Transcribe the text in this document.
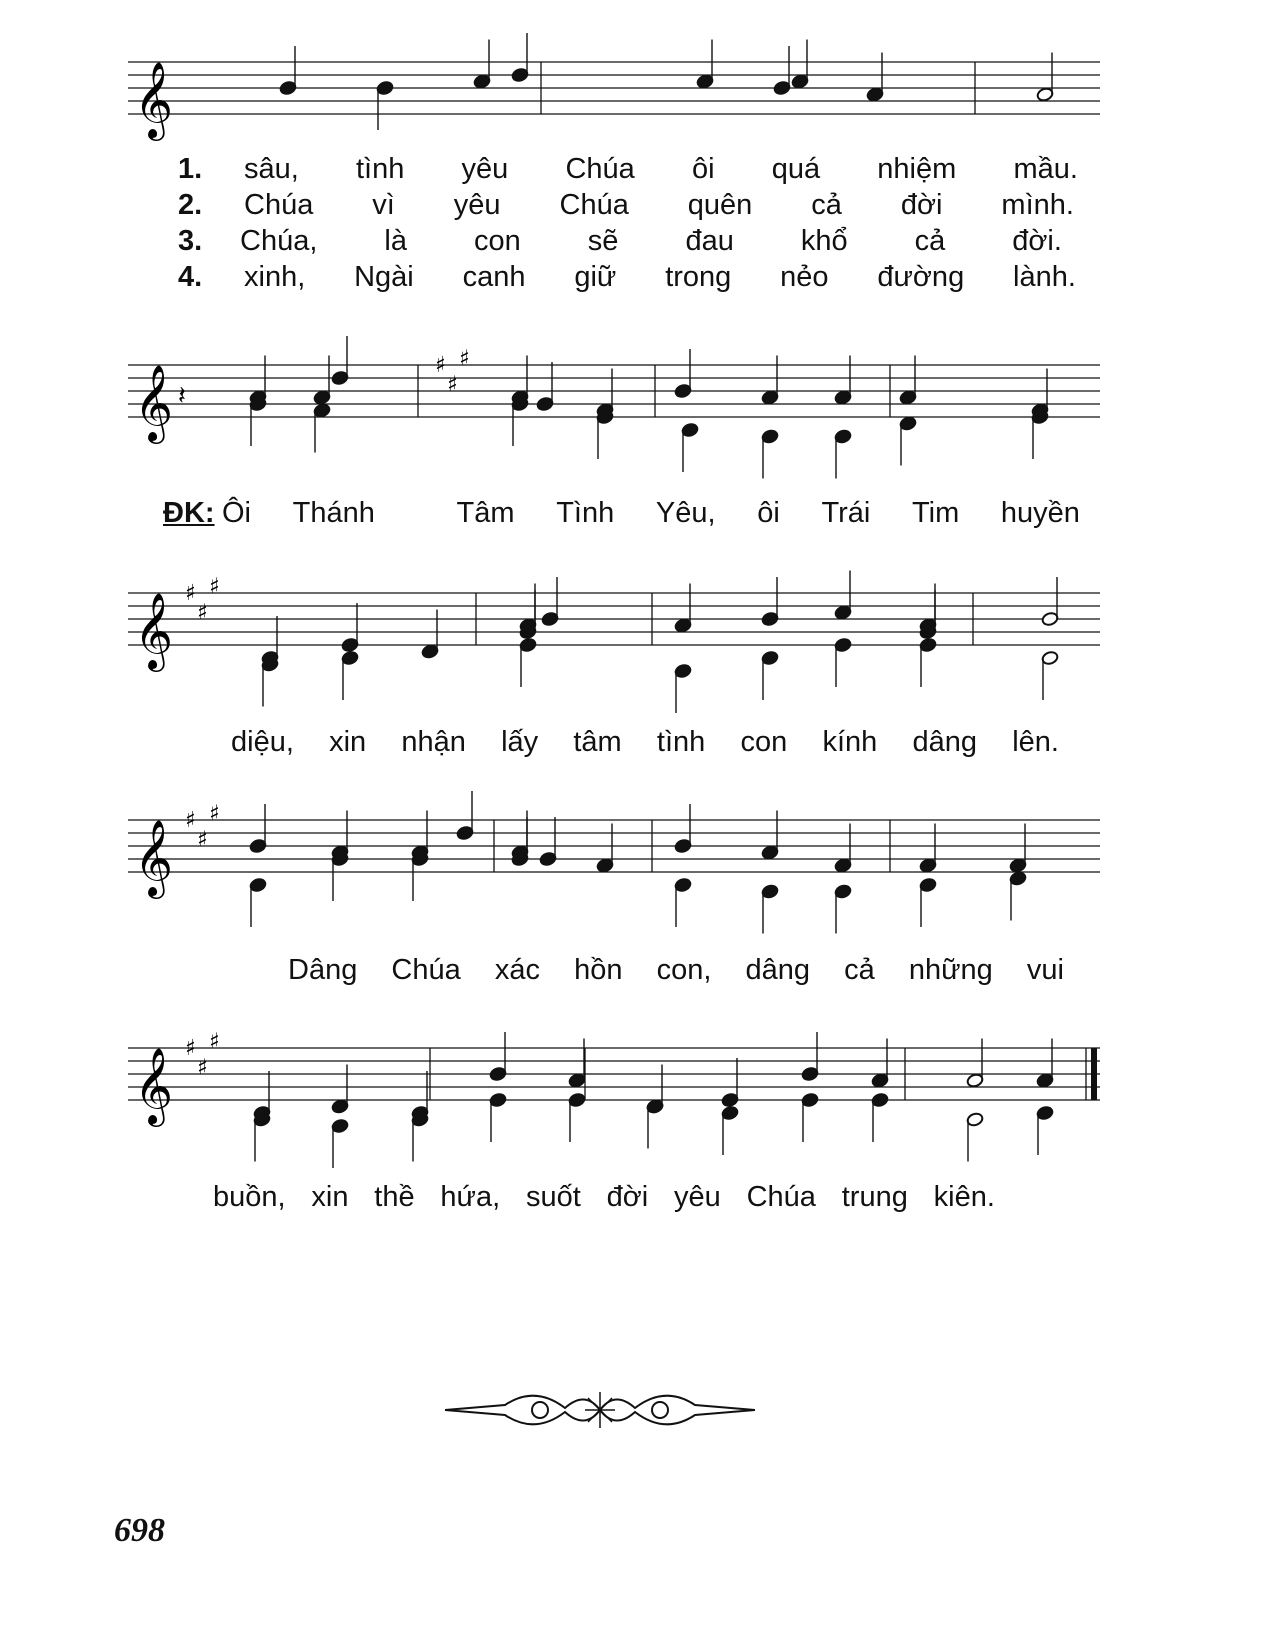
𝄞
𝄞	♯
♯
♯
𝄽
𝄞 ♯
♯
♯
𝄞 ♯
♯
♯
𝄞 ♯
♯
♯
1. sâu, tình yêu Chúa ôi quá nhiệm mầu.
2. Chúa vì yêu Chúa quên cả đời mình.
3. Chúa, là con sẽ đau khổ cả đời.
4. xinh, Ngài canh giữ trong nẻo đường lành.
ĐK: Ôi Thánh	Tâm Tình Yêu, ôi Trái Tim huyền
diệu, xin nhận lấy tâm tình con kính dâng lên.
Dâng Chúa xác hồn con, dâng cả những vui
buồn, xin thề hứa, suốt đời yêu Chúa trung kiên.
698
